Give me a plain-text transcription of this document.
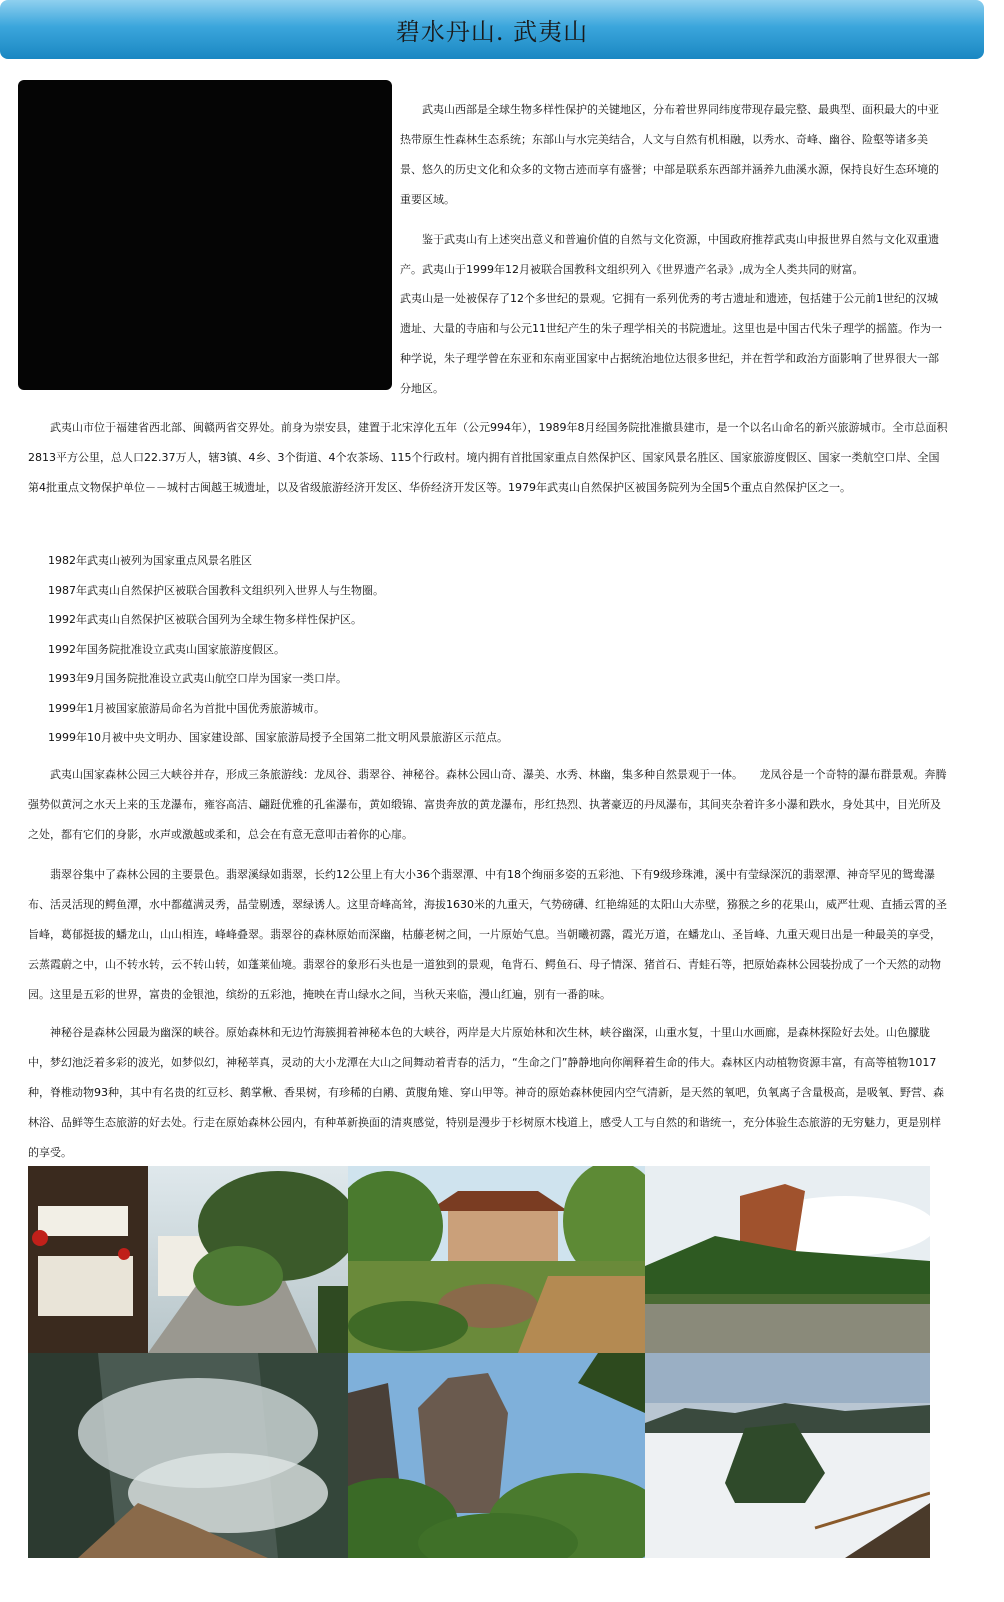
碧水丹山. 武夷山

武夷山西部是全球生物多样性保护的关键地区，分布着世界同纬度带现存最完整、最典型、面积最大的中亚热带原生性森林生态系统；东部山与水完美结合，人文与自然有机相融，以秀水、奇峰、幽谷、险壑等诸多美景、悠久的历史文化和众多的文物古迹而享有盛誉；中部是联系东西部并涵养九曲溪水源，保持良好生态环境的重要区域。

鉴于武夷山有上述突出意义和普遍价值的自然与文化资源，中国政府推荐武夷山申报世界自然与文化双重遗产。武夷山于1999年12月被联合国教科文组织列入《世界遗产名录》,成为全人类共同的财富。

武夷山是一处被保存了12个多世纪的景观。它拥有一系列优秀的考古遗址和遗迹，包括建于公元前1世纪的汉城遗址、大量的寺庙和与公元11世纪产生的朱子理学相关的书院遗址。这里也是中国古代朱子理学的摇篮。作为一种学说，朱子理学曾在东亚和东南亚国家中占据统治地位达很多世纪，并在哲学和政治方面影响了世界很大一部分地区。

武夷山市位于福建省西北部、闽赣两省交界处。前身为崇安县，建置于北宋淳化五年（公元994年），1989年8月经国务院批准撤县建市，是一个以名山命名的新兴旅游城市。全市总面积2813平方公里，总人口22.37万人，辖3镇、4乡、3个街道、4个农茶场、115个行政村。境内拥有首批国家重点自然保护区、国家风景名胜区、国家旅游度假区、国家一类航空口岸、全国第4批重点文物保护单位－－城村古闽越王城遗址，以及省级旅游经济开发区、华侨经济开发区等。1979年武夷山自然保护区被国务院列为全国5个重点自然保护区之一。

1982年武夷山被列为国家重点风景名胜区
1987年武夷山自然保护区被联合国教科文组织列入世界人与生物圈。
1992年武夷山自然保护区被联合国列为全球生物多样性保护区。
1992年国务院批准设立武夷山国家旅游度假区。
1993年9月国务院批准设立武夷山航空口岸为国家一类口岸。
1999年1月被国家旅游局命名为首批中国优秀旅游城市。
1999年10月被中央文明办、国家建设部、国家旅游局授予全国第二批文明风景旅游区示范点。

武夷山国家森林公园三大峡谷并存，形成三条旅游线：龙凤谷、翡翠谷、神秘谷。森林公园山奇、瀑美、水秀、林幽，集多种自然景观于一体。　　龙凤谷是一个奇特的瀑布群景观。奔腾强势似黄河之水天上来的玉龙瀑布，雍容高洁、翩跹优雅的孔雀瀑布，黄如缎锦、富贵奔放的黄龙瀑布，彤红热烈、执著豪迈的丹凤瀑布，其间夹杂着许多小瀑和跌水，身处其中，目光所及之处，都有它们的身影，水声或激越或柔和，总会在有意无意叩击着你的心扉。

翡翠谷集中了森林公园的主要景色。翡翠溪绿如翡翠，长约12公里上有大小36个翡翠潭、中有18个绚丽多姿的五彩池、下有9级珍珠滩，溪中有莹绿深沉的翡翠潭、神奇罕见的鸳鸯瀑布、活灵活现的鳄鱼潭，水中都蕴满灵秀，晶莹剔透，翠绿诱人。这里奇峰高耸，海拔1630米的九重天，气势磅礴、红艳绵延的太阳山大赤壁，猕猴之乡的花果山，威严壮观、直插云霄的圣旨峰，葛郁挺拔的蟠龙山，山山相连，峰峰叠翠。翡翠谷的森林原始而深幽，枯藤老树之间，一片原始气息。当朝曦初露，霞光万道，在蟠龙山、圣旨峰、九重天观日出是一种最美的享受，云蒸霞蔚之中，山不转水转，云不转山转，如蓬莱仙境。翡翠谷的象形石头也是一道独到的景观，龟背石、鳄鱼石、母子情深、猪首石、青蛙石等，把原始森林公园装扮成了一个天然的动物园。这里是五彩的世界，富贵的金银池，缤纷的五彩池，掩映在青山绿水之间，当秋天来临，漫山红遍，别有一番韵味。

神秘谷是森林公园最为幽深的峡谷。原始森林和无边竹海簇拥着神秘本色的大峡谷，两岸是大片原始林和次生林，峡谷幽深，山重水复，十里山水画廊，是森林探险好去处。山色朦胧中，梦幻池泛着多彩的波光，如梦似幻，神秘莘真，灵动的大小龙潭在大山之间舞动着青春的活力，“生命之门”静静地向你阐释着生命的伟大。森林区内动植物资源丰富，有高等植物1017种，脊椎动物93种，其中有名贵的红豆杉、鹅掌楸、香果树，有珍稀的白鹇、黄腹角雉、穿山甲等。神奇的原始森林使园内空气清新，是天然的氧吧，负氧离子含量极高，是吸氧、野营、森林浴、品鲜等生态旅游的好去处。行走在原始森林公园内，有种革新换面的清爽感觉，特别是漫步于杉树原木栈道上，感受人工与自然的和谐统一，充分体验生态旅游的无穷魅力，更是别样的享受。
